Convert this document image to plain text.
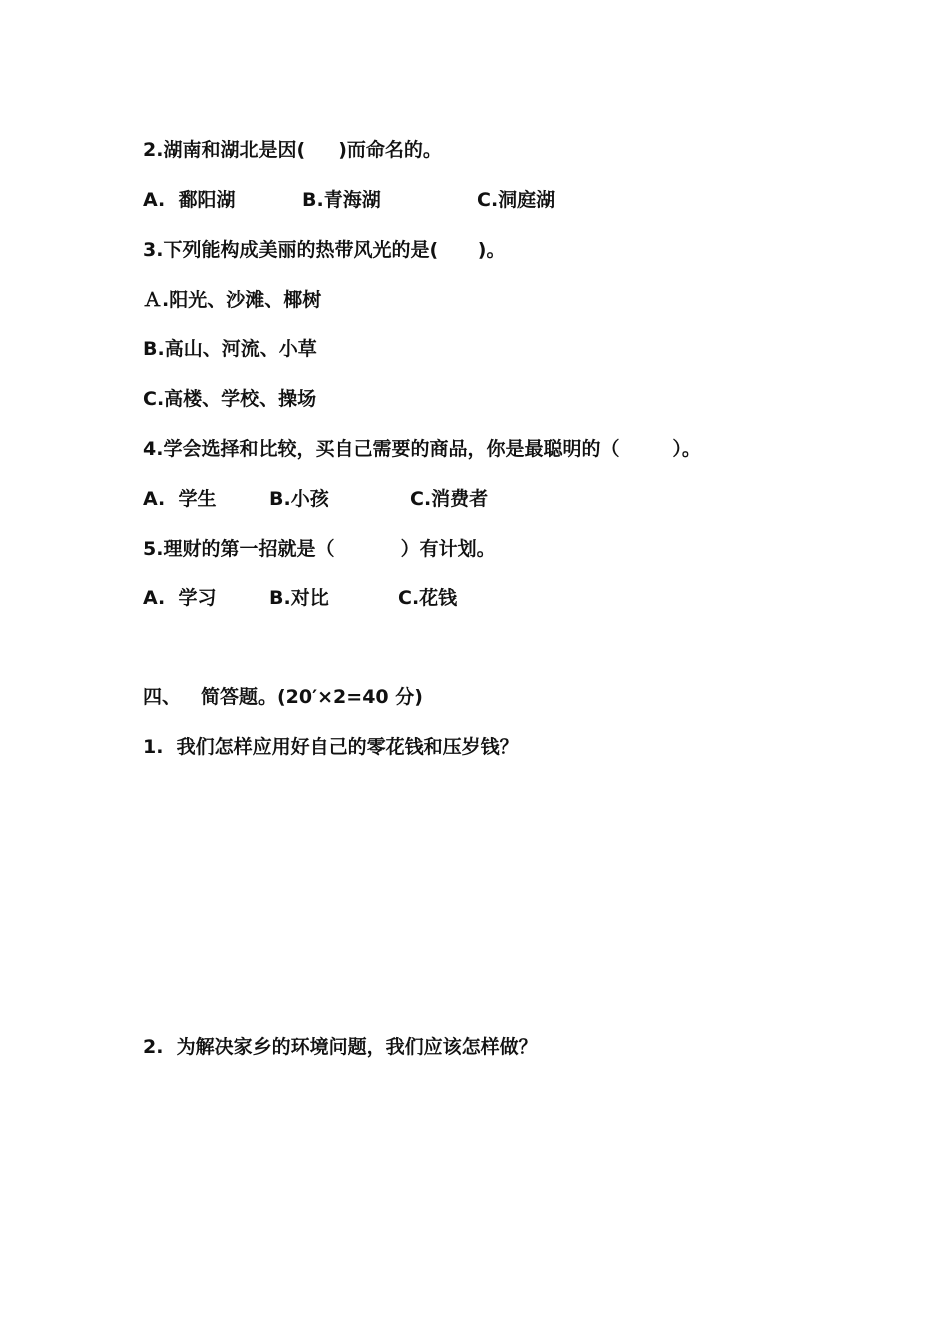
2.湖南和湖北是因(     )而命名的。

A.  鄱阳湖

	B.青海湖

	C.洞庭湖

3.下列能构成美丽的热带风光的是(      )。
Ａ.阳光、沙滩、椰树
B.高山、河流、小草
C.高楼、学校、操场
4.学会选择和比较，买自己需要的商品，你是最聪明的（        ）。

A.  学生

	B.小孩

	C.消费者

5.理财的第一招就是（          ）有计划。

A.  学习

	B.对比

	C.花钱

四、

简答题。(20′×2=40 分)

1.  我们怎样应用好自己的零花钱和压岁钱？
2.  为解决家乡的环境问题，我们应该怎样做？
